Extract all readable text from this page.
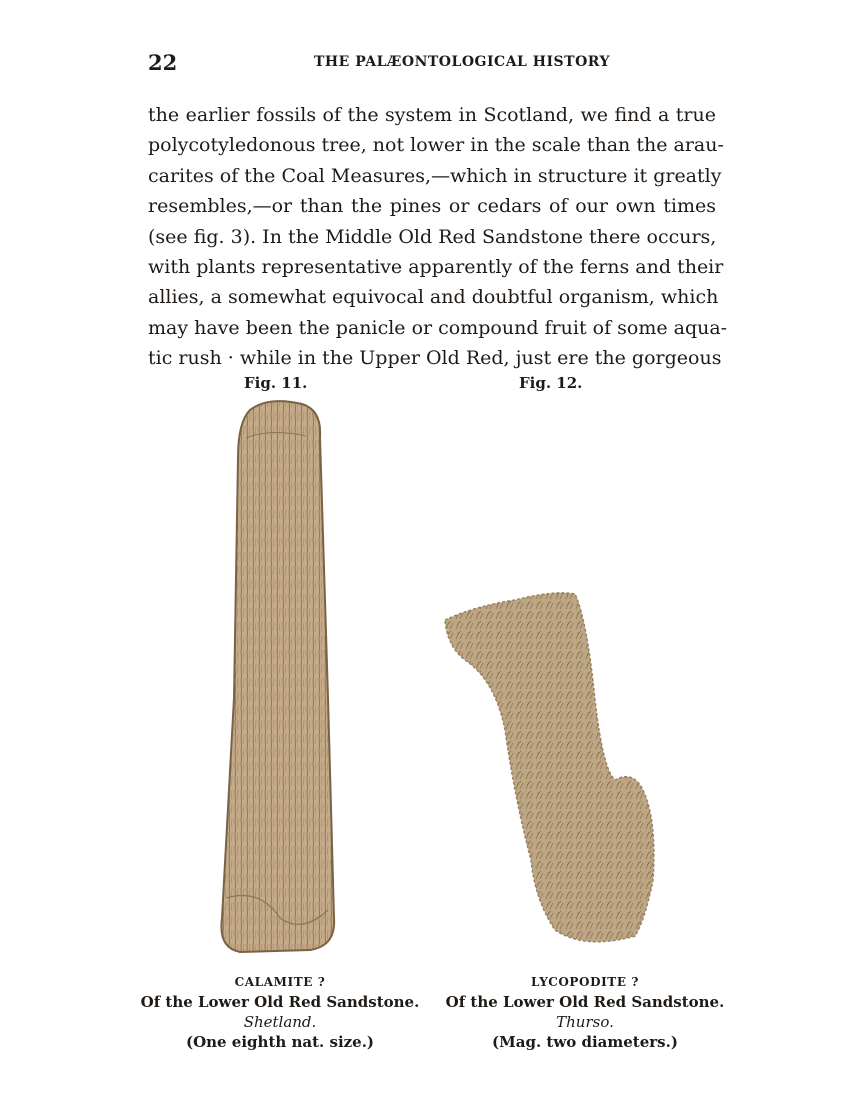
22	THE PALÆONTOLOGICAL HISTORY
the earlier fossils of the system in Scotland, we find a true
polycotyledonous tree, not lower in the scale than the arau-
carites of the Coal Measures,—which in structure it greatly
resembles,—or than the pines or cedars of our own times
(see fig. 3). In the Middle Old Red Sandstone there occurs,
with plants representative apparently of the ferns and their
allies, a somewhat equivocal and doubtful organism, which
may have been the panicle or compound fruit of some aqua-
tic rush · while in the Upper Old Red, just ere the gorgeous
Fig. 11.	Fig. 12.
CALAMITE ?
Of the Lower Old Red Sandstone.
Shetland.
(One eighth nat. size.)
LYCOPODITE ?
Of the Lower Old Red Sandstone.
Thurso.
(Mag. two diameters.)
